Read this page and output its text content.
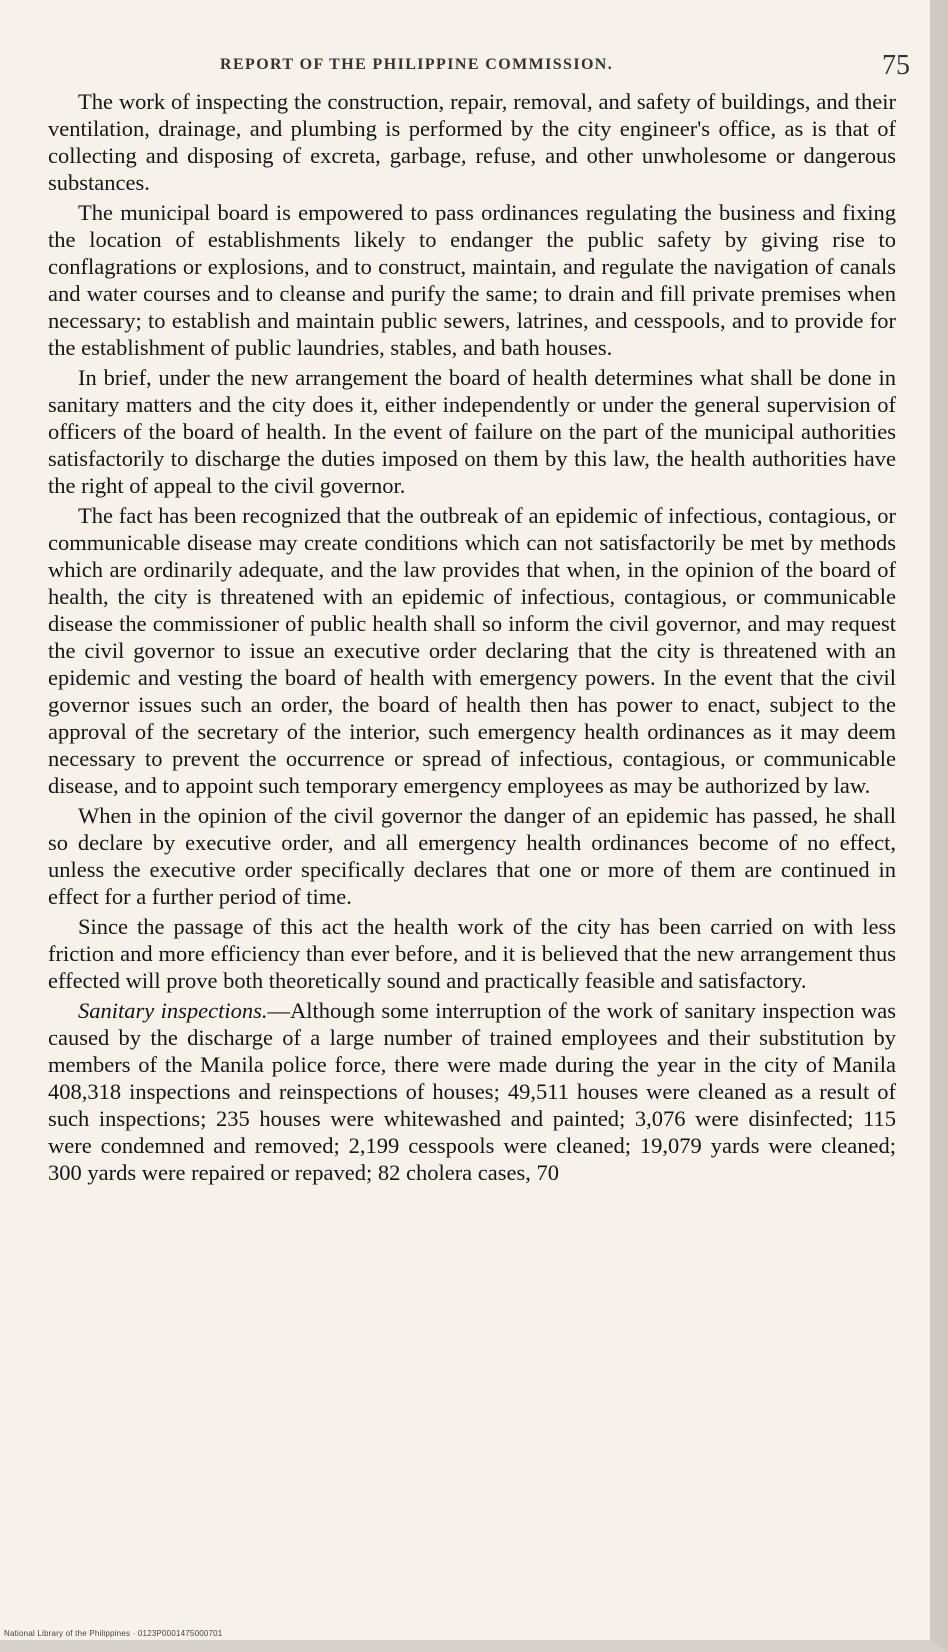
REPORT OF THE PHILIPPINE COMMISSION.	75

The work of inspecting the construction, repair, removal, and safety of buildings, and their ventilation, drainage, and plumbing is performed by the city engineer's office, as is that of collecting and disposing of excreta, garbage, refuse, and other unwholesome or dangerous substances.

The municipal board is empowered to pass ordinances regulating the business and fixing the location of establishments likely to endanger the public safety by giving rise to conflagrations or explosions, and to construct, maintain, and regulate the navigation of canals and water courses and to cleanse and purify the same; to drain and fill private premises when necessary; to establish and maintain public sewers, latrines, and cesspools, and to provide for the establishment of public laundries, stables, and bath houses.

In brief, under the new arrangement the board of health determines what shall be done in sanitary matters and the city does it, either independently or under the general supervision of officers of the board of health. In the event of failure on the part of the municipal authorities satisfactorily to discharge the duties imposed on them by this law, the health authorities have the right of appeal to the civil governor.

The fact has been recognized that the outbreak of an epidemic of infectious, contagious, or communicable disease may create conditions which can not satisfactorily be met by methods which are ordinarily adequate, and the law provides that when, in the opinion of the board of health, the city is threatened with an epidemic of infectious, contagious, or communicable disease the commissioner of public health shall so inform the civil governor, and may request the civil governor to issue an executive order declaring that the city is threatened with an epidemic and vesting the board of health with emergency powers. In the event that the civil governor issues such an order, the board of health then has power to enact, subject to the approval of the secretary of the interior, such emergency health ordinances as it may deem necessary to prevent the occurrence or spread of infectious, contagious, or communicable disease, and to appoint such temporary emergency employees as may be authorized by law.

When in the opinion of the civil governor the danger of an epidemic has passed, he shall so declare by executive order, and all emergency health ordinances become of no effect, unless the executive order specifically declares that one or more of them are continued in effect for a further period of time.

Since the passage of this act the health work of the city has been carried on with less friction and more efficiency than ever before, and it is believed that the new arrangement thus effected will prove both theoretically sound and practically feasible and satisfactory.

Sanitary inspections.—Although some interruption of the work of sanitary inspection was caused by the discharge of a large number of trained employees and their substitution by members of the Manila police force, there were made during the year in the city of Manila 408,318 inspections and reinspections of houses; 49,511 houses were cleaned as a result of such inspections; 235 houses were whitewashed and painted; 3,076 were disinfected; 115 were condemned and removed; 2,199 cesspools were cleaned; 19,079 yards were cleaned; 300 yards were repaired or repaved; 82 cholera cases, 70

National Library of the Philippines · 0123P0001475000701
